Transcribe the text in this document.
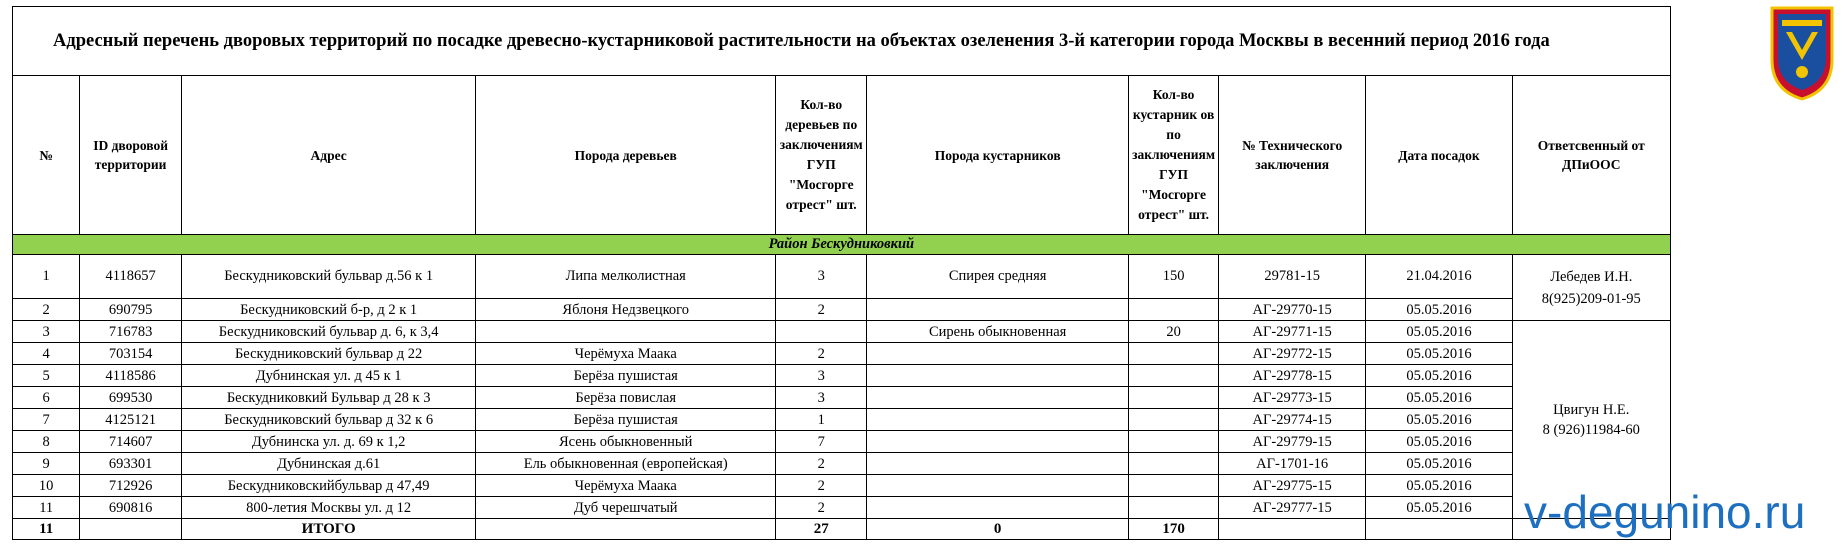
Адресный перечень дворовых территорий по посадке древесно-кустарниковой растительности на объектах озеленения 3-й категории города Москвы в весенний период 2016 года									
№	ID дворовой территории	Адрес	Порода деревьев	Кол-во деревьев по заключениям ГУП "Мосгорге отрест" шт.	Порода кустарников	Кол-во кустарник ов по заключениям ГУП "Мосгорге отрест" шт.	№ Технического заключения	Дата посадок	Ответсвенный от ДПиООС
Район Бескудниковкий									
1	4118657	Бескудниковский бульвар д.56 к 1	Липа мелколистная	3	Спирея средняя	150	29781-15	21.04.2016	Лебедев И.Н.
8(925)209-01-95

2	690795	Бескудниковский б-р, д 2 к 1	Яблоня Недзвецкого	2			АГ-29770-15	05.05.2016	
3	716783	Бескудниковский бульвар д. 6, к 3,4			Сирень обыкновенная	20	АГ-29771-15	05.05.2016	Цвигун Н.Е.
8 (926)11984-60

4	703154	Бескудниковский бульвар д 22	Черёмуха Маака	2			АГ-29772-15	05.05.2016	
5	4118586	Дубнинская ул. д 45 к 1	Берёза пушистая	3			АГ-29778-15	05.05.2016	
6	699530	Бескудниковкий Бульвар д 28 к 3	Берёза повислая	3			АГ-29773-15	05.05.2016	
7	4125121	Бескудниковский бульвар д 32 к 6	Берёза пушистая	1			АГ-29774-15	05.05.2016	
8	714607	Дубнинска ул. д. 69 к 1,2	Ясень обыкновенный	7			АГ-29779-15	05.05.2016	
9	693301	Дубнинская д.61	Ель обыкновенная (европейская)	2			АГ-1701-16	05.05.2016	
10	712926	Бескудниковскийбульвар д 47,49	Черёмуха Маака	2			АГ-29775-15	05.05.2016	
11	690816	800-летия Москвы ул. д 12	Дуб черешчатый	2			АГ-29777-15	05.05.2016	
11		ИТОГО		27	0	170				v-degunino.ru
